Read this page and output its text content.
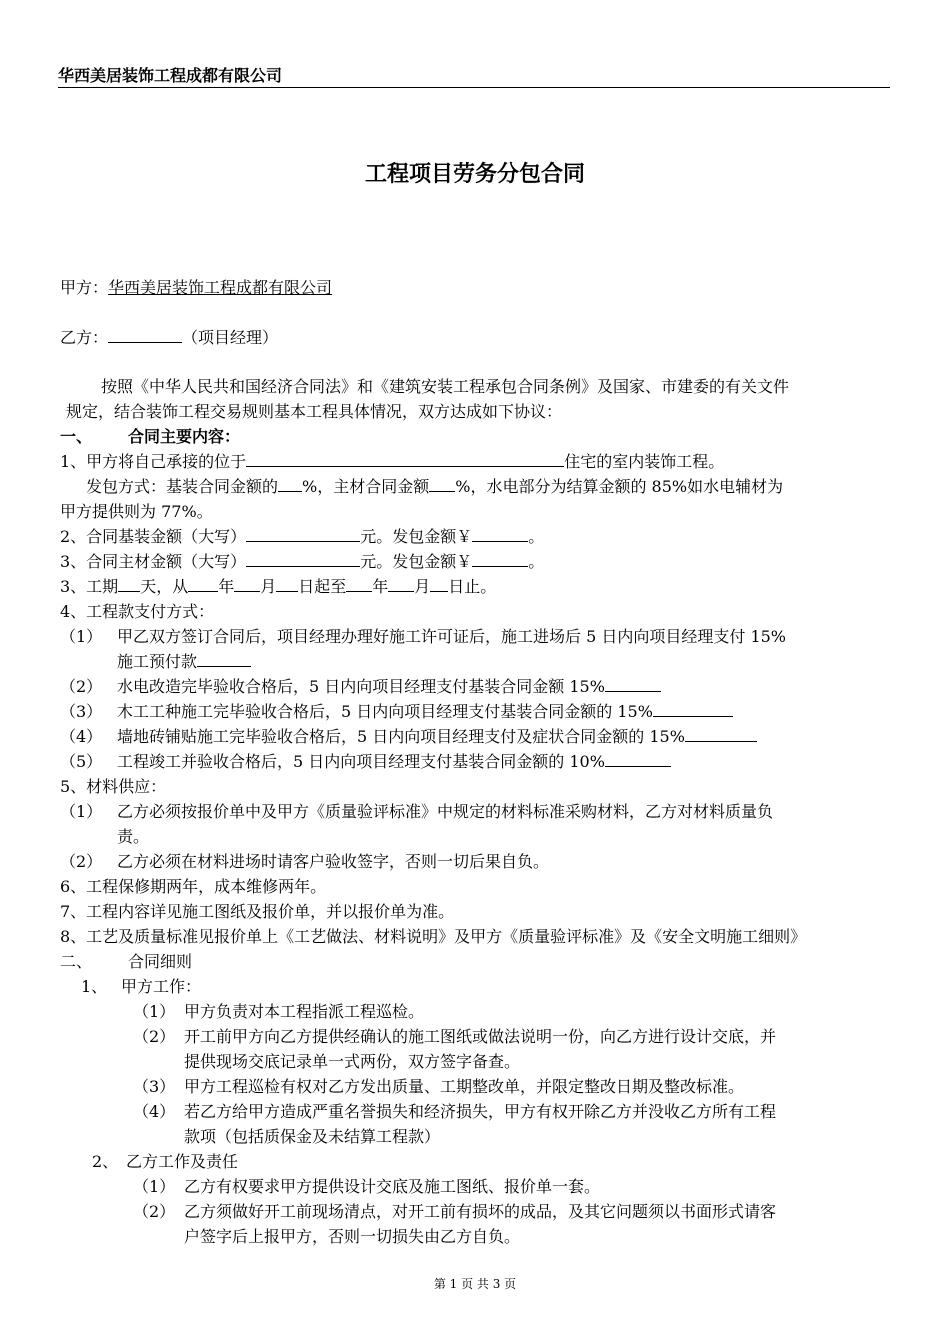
华西美居装饰工程成都有限公司
工程项目劳务分包合同
甲方：华西美居装饰工程成都有限公司
乙方：	（项目经理）
按照《中华人民共和国经济合同法》和《建筑安装工程承包合同条例》及国家、市建委的有关文件
规定，结合装饰工程交易规则基本工程具体情况，双方达成如下协议：
一、 合同主要内容：
1、甲方将自己承接的位于	住宅的室内装饰工程。
发包方式：基装合同金额的 %，主材合同金额 %，水电部分为结算金额的 85%如水电辅材为
甲方提供则为 77%。
2、合同基装金额（大写）	元。发包金额￥	。
3、合同主材金额（大写）	元。发包金额￥	。
3、工期 天，从 年 月 日起至 年 月 日止。
4、工程款支付方式：
（1） 甲乙双方签订合同后，项目经理办理好施工许可证后，施工进场后 5 日内向项目经理支付 15%
施工预付款
（2） 水电改造完毕验收合格后，5 日内向项目经理支付基装合同金额 15%
（3） 木工工种施工完毕验收合格后，5 日内向项目经理支付基装合同金额的 15%
（4） 墙地砖铺贴施工完毕验收合格后，5 日内向项目经理支付及症状合同金额的 15%
（5） 工程竣工并验收合格后，5 日内向项目经理支付基装合同金额的 10%
5、材料供应：
（1） 乙方必须按报价单中及甲方《质量验评标准》中规定的材料标准采购材料，乙方对材料质量负
责。
（2） 乙方必须在材料进场时请客户验收签字，否则一切后果自负。
6、工程保修期两年，成本维修两年。
7、工程内容详见施工图纸及报价单，并以报价单为准。
8、工艺及质量标准见报价单上《工艺做法、材料说明》及甲方《质量验评标准》及《安全文明施工细则》
二、 合同细则
1、 甲方工作：
（1） 甲方负责对本工程指派工程巡检。
（2） 开工前甲方向乙方提供经确认的施工图纸或做法说明一份，向乙方进行设计交底，并
提供现场交底记录单一式两份，双方签字备查。
（3） 甲方工程巡检有权对乙方发出质量、工期整改单，并限定整改日期及整改标准。
（4） 若乙方给甲方造成严重名誉损失和经济损失，甲方有权开除乙方并没收乙方所有工程
款项（包括质保金及未结算工程款）
2、 乙方工作及责任
（1） 乙方有权要求甲方提供设计交底及施工图纸、报价单一套。
（2） 乙方须做好开工前现场清点，对开工前有损坏的成品，及其它问题须以书面形式请客
户签字后上报甲方，否则一切损失由乙方自负。
第 1 页 共 3 页
